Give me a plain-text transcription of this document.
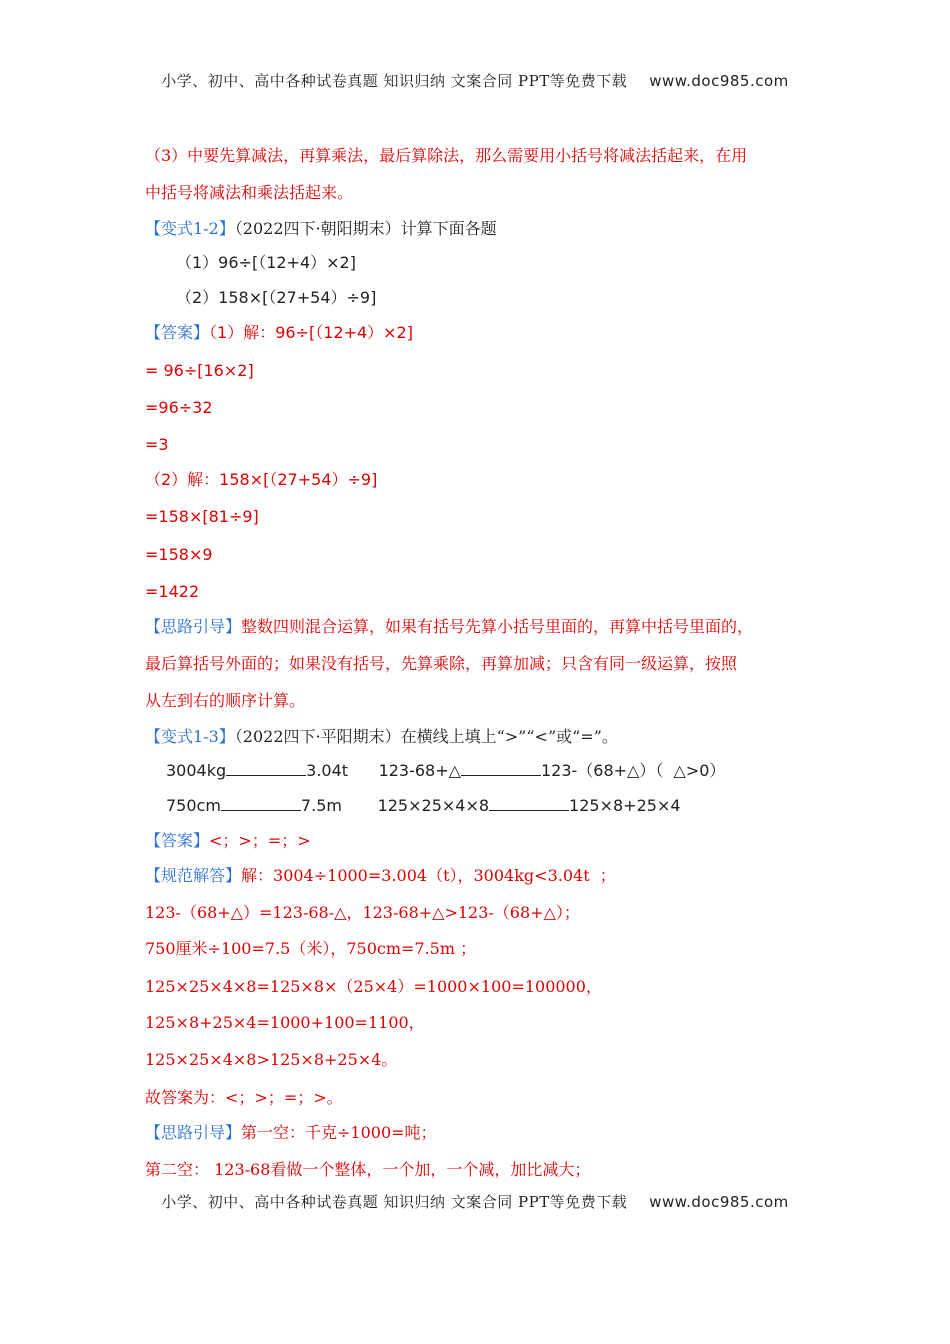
小学、初中、高中各种试卷真题 知识归纳 文案合同 PPT等免费下载 www.doc985.com
（3）中要先算减法，再算乘法，最后算除法，那么需要用小括号将减法括起来，在用
中括号将减法和乘法括起来。
【变式1-2】（2022四下·朝阳期末）计算下面各题
（1）96÷[（12+4）×2]
（2）158×[（27+54）÷9]
【答案】（1）解：96÷[（12+4）×2]
= 96÷[16×2]
=96÷32
=3
（2）解：158×[（27+54）÷9]
=158×[81÷9]
=158×9
=1422
【思路引导】整数四则混合运算，如果有括号先算小括号里面的，再算中括号里面的，
最后算括号外面的；如果没有括号，先算乘除，再算加减；只含有同一级运算，按照
从左到右的顺序计算。
【变式1-3】（2022四下·平阳期末）在横线上填上“>”“<”或“=”。
3004kg	3.04t 123-68+△	123-（68+△）（  △>0）
750cm	7.5m 125×25×4×8	125×8+25×4
【答案】<；>；=；>
【规范解答】解：3004÷1000=3.004（t），3004kg<3.04t  ；
123-（68+△）=123-68-△，123-68+△>123-（68+△）；
750厘米÷100=7.5（米），750cm=7.5m ；
125×25×4×8=125×8×（25×4）=1000×100=100000，
125×8+25×4=1000+100=1100，
125×25×4×8>125×8+25×4。
故答案为：<；>；=；>。
【思路引导】第一空：千克÷1000=吨；
第二空： 123-68看做一个整体，一个加，一个减，加比减大；
小学、初中、高中各种试卷真题 知识归纳 文案合同 PPT等免费下载 www.doc985.com
